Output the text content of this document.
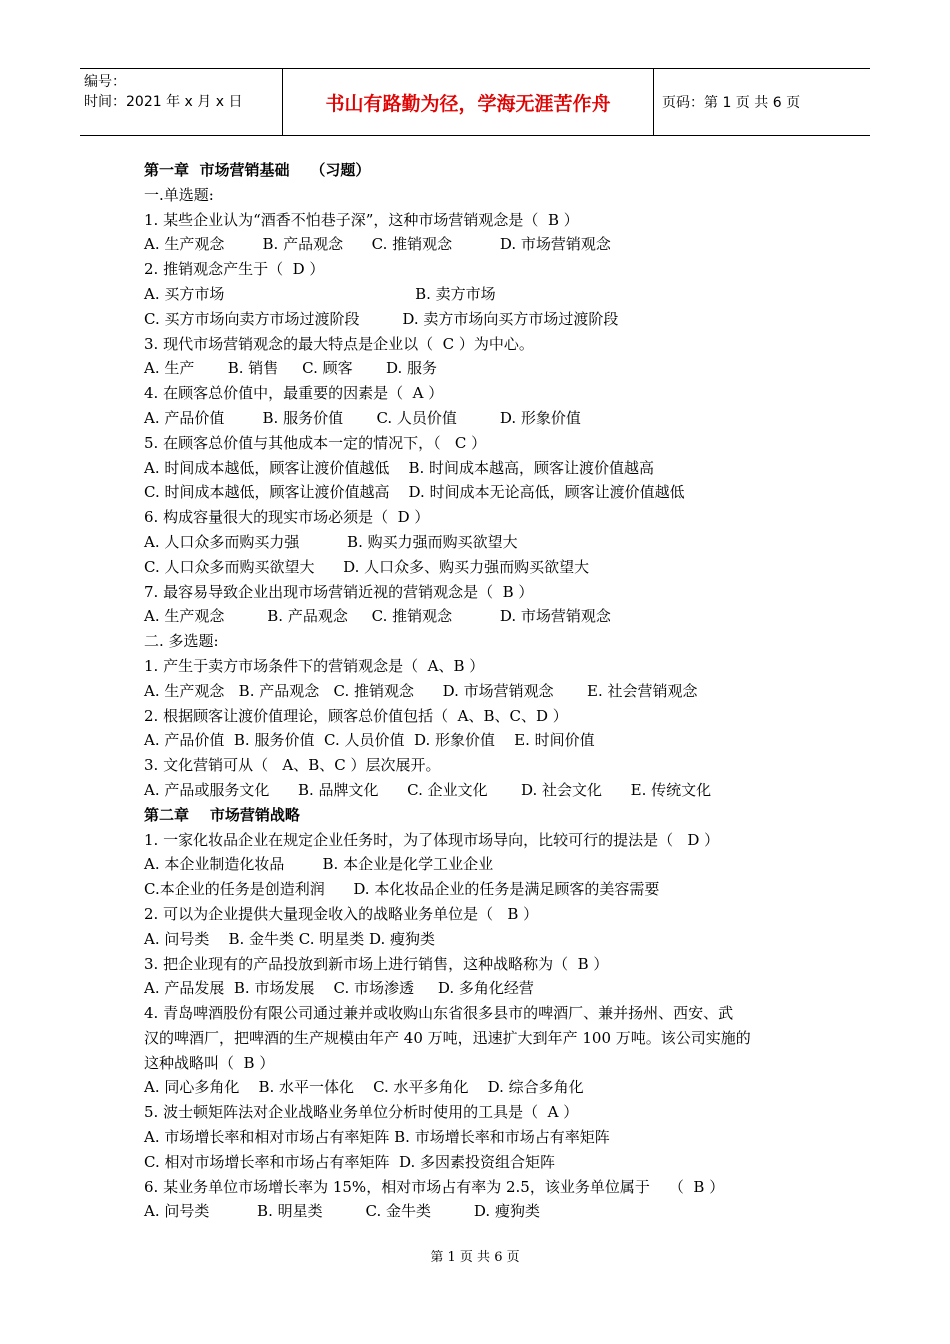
编号：
时间：2021 年 x 月 x 日	书山有路勤为径，学海无涯苦作舟	页码：第 1 页 共 6 页
第一章  市场营销基础    （习题）
一.单选题:
1. 某些企业认为“酒香不怕巷子深”，这种市场营销观念是（  B ）
A. 生产观念        B. 产品观念      C. 推销观念          D. 市场营销观念
2. 推销观念产生于（  D ）
A. 买方市场                                        B. 卖方市场
C. 买方市场向卖方市场过渡阶段         D. 卖方市场向买方市场过渡阶段
3. 现代市场营销观念的最大特点是企业以（  C ）为中心。
A. 生产       B. 销售     C. 顾客       D. 服务
4. 在顾客总价值中，最重要的因素是（  A ）
A. 产品价值        B. 服务价值       C. 人员价值         D. 形象价值
5. 在顾客总价值与其他成本一定的情况下，（   C ）
A. 时间成本越低，顾客让渡价值越低    B. 时间成本越高，顾客让渡价值越高
C. 时间成本越低，顾客让渡价值越高    D. 时间成本无论高低，顾客让渡价值越低
6. 构成容量很大的现实市场必须是（  D ）
A. 人口众多而购买力强          B. 购买力强而购买欲望大
C. 人口众多而购买欲望大      D. 人口众多、购买力强而购买欲望大
7. 最容易导致企业出现市场营销近视的营销观念是（  B ）
A. 生产观念         B. 产品观念     C. 推销观念          D. 市场营销观念
二. 多选题:
1. 产生于卖方市场条件下的营销观念是（  A、B ）
A. 生产观念   B. 产品观念   C. 推销观念      D. 市场营销观念       E. 社会营销观念
2. 根据顾客让渡价值理论，顾客总价值包括（  A、B、C、D ）
A. 产品价值  B. 服务价值  C. 人员价值  D. 形象价值    E. 时间价值
3. 文化营销可从（   A、B、C ）层次展开。
A. 产品或服务文化      B. 品牌文化      C. 企业文化       D. 社会文化      E. 传统文化
第二章    市场营销战略
1. 一家化妆品企业在规定企业任务时，为了体现市场导向，比较可行的提法是（   D ）
A. 本企业制造化妆品        B. 本企业是化学工业企业
C.本企业的任务是创造利润      D. 本化妆品企业的任务是满足顾客的美容需要
2. 可以为企业提供大量现金收入的战略业务单位是（   B ）
A. 问号类    B. 金牛类 C. 明星类 D. 瘦狗类
3. 把企业现有的产品投放到新市场上进行销售，这种战略称为（  B ）
A. 产品发展  B. 市场发展    C. 市场渗透     D. 多角化经营
4. 青岛啤酒股份有限公司通过兼并或收购山东省很多县市的啤酒厂、兼并扬州、西安、武
汉的啤酒厂，把啤酒的生产规模由年产 40 万吨，迅速扩大到年产 100 万吨。该公司实施的
这种战略叫（  B ）
A. 同心多角化    B. 水平一体化    C. 水平多角化    D. 综合多角化
5. 波士顿矩阵法对企业战略业务单位分析时使用的工具是（  A ）
A. 市场增长率和相对市场占有率矩阵 B. 市场增长率和市场占有率矩阵
C. 相对市场增长率和市场占有率矩阵  D. 多因素投资组合矩阵
6. 某业务单位市场增长率为 15%，相对市场占有率为 2.5，该业务单位属于    （  B ）
A. 问号类          B. 明星类         C. 金牛类         D. 瘦狗类
第 1 页 共 6 页
